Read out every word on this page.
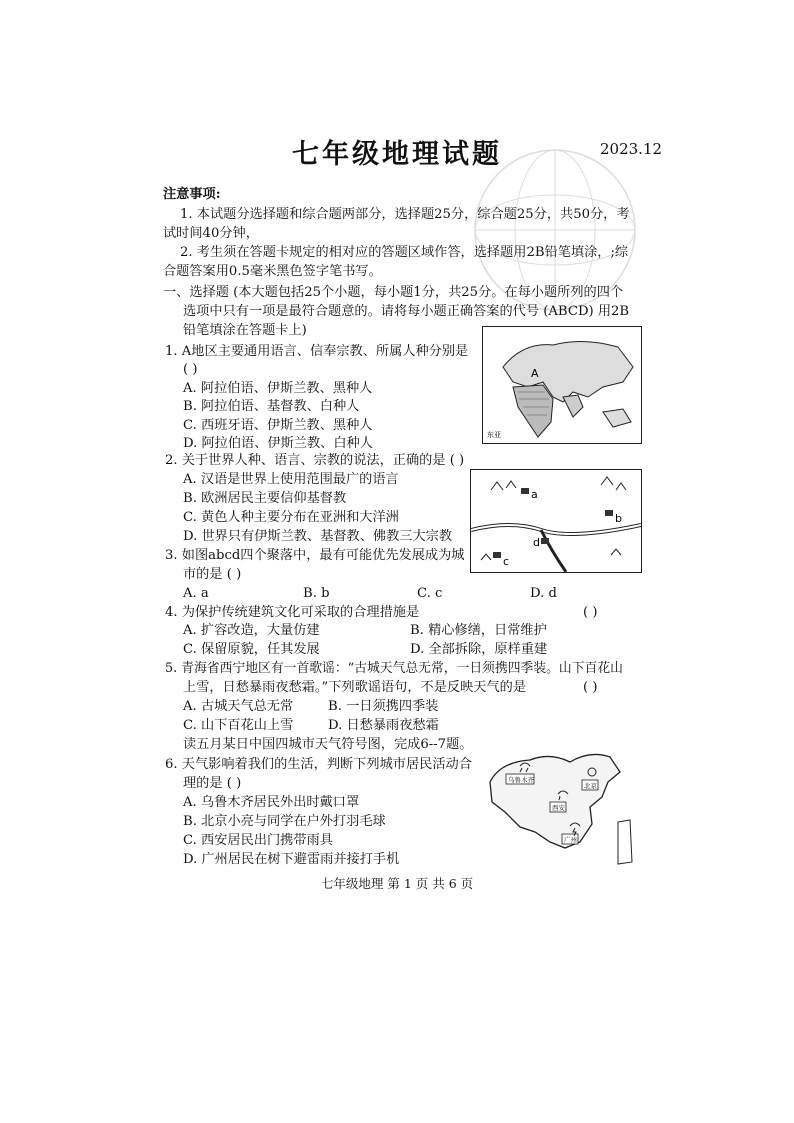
七年级地理试题	2023.12
注意事项:
1. 本试题分选择题和综合题两部分，选择题25分，综合题25分，共50分，考
试时间40分钟，
2. 考生须在答题卡规定的相对应的答题区域作答，选择题用2B铅笔填涂，;综
合题答案用0.5毫米黑色签字笔书写。
一、选择题 (本大题包括25个小题，每小题1分，共25分。在每小题所列的四个
选项中只有一项是最符合题意的。请将每小题正确答案的代号 (ABCD) 用2B
铅笔填涂在答题卡上)
1. A地区主要通用语言、信奉宗教、所属人种分别是
( )
A. 阿拉伯语、伊斯兰教、黑种人
B. 阿拉伯语、基督教、白种人
C. 西班牙语、伊斯兰教、黑种人
D. 阿拉伯语、伊斯兰教、白种人
A
东亚
2. 关于世界人种、语言、宗教的说法，正确的是 ( )
A. 汉语是世界上使用范围最广的语言
B. 欧洲居民主要信仰基督教
C. 黄色人种主要分布在亚洲和大洋洲
D. 世界只有伊斯兰教、基督教、佛教三大宗教
a
b
c
d
3. 如图abcd四个聚落中，最有可能优先发展成为城
市的是 ( )
A. a	B. b	C. c	D. d
4. 为保护传统建筑文化可采取的合理措施是	( )
A. 扩容改造，大量仿建	B. 精心修缮，日常维护
C. 保留原貌，任其发展	D. 全部拆除，原样重建
5. 青海省西宁地区有一首歌谣：“古城天气总无常，一日须携四季装。山下百花山
上雪，日愁暴雨夜愁霜。”下列歌谣语句，不是反映天气的是	( )
A. 古城天气总无常	B. 一日须携四季装
C. 山下百花山上雪	D. 日愁暴雨夜愁霜
读五月某日中国四城市天气符号图，完成6--7题。
6. 天气影响着我们的生活，判断下列城市居民活动合
理的是 ( )
A. 乌鲁木齐居民外出时戴口罩
B. 北京小亮与同学在户外打羽毛球
C. 西安居民出门携带雨具
D. 广州居民在树下避雷雨并接打手机
乌鲁木齐
北京
西安
广州
七年级地理 第 1 页 共 6 页
